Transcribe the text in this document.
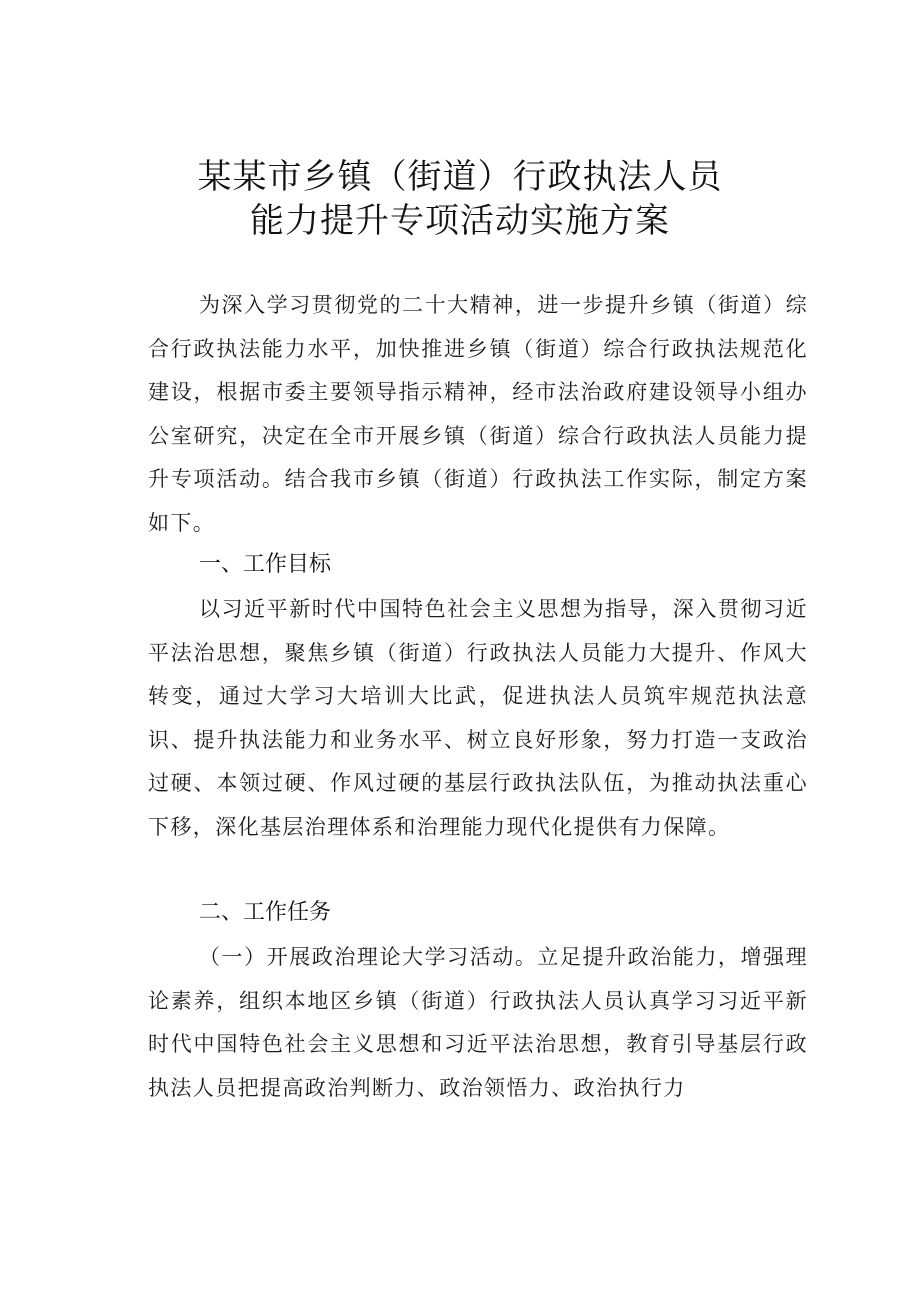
某某市乡镇（街道）行政执法人员
能力提升专项活动实施方案
为深入学习贯彻党的二十大精神，进一步提升乡镇（街道）综合行政执法能力水平，加快推进乡镇（街道）综合行政执法规范化建设，根据市委主要领导指示精神，经市法治政府建设领导小组办公室研究，决定在全市开展乡镇（街道）综合行政执法人员能力提升专项活动。结合我市乡镇（街道）行政执法工作实际，制定方案如下。
一、工作目标
以习近平新时代中国特色社会主义思想为指导，深入贯彻习近平法治思想，聚焦乡镇（街道）行政执法人员能力大提升、作风大转变，通过大学习大培训大比武，促进执法人员筑牢规范执法意识、提升执法能力和业务水平、树立良好形象，努力打造一支政治过硬、本领过硬、作风过硬的基层行政执法队伍，为推动执法重心下移，深化基层治理体系和治理能力现代化提供有力保障。
二、工作任务
（一）开展政治理论大学习活动。立足提升政治能力，增强理论素养，组织本地区乡镇（街道）行政执法人员认真学习习近平新时代中国特色社会主义思想和习近平法治思想，教育引导基层行政执法人员把提高政治判断力、政治领悟力、政治执行力
